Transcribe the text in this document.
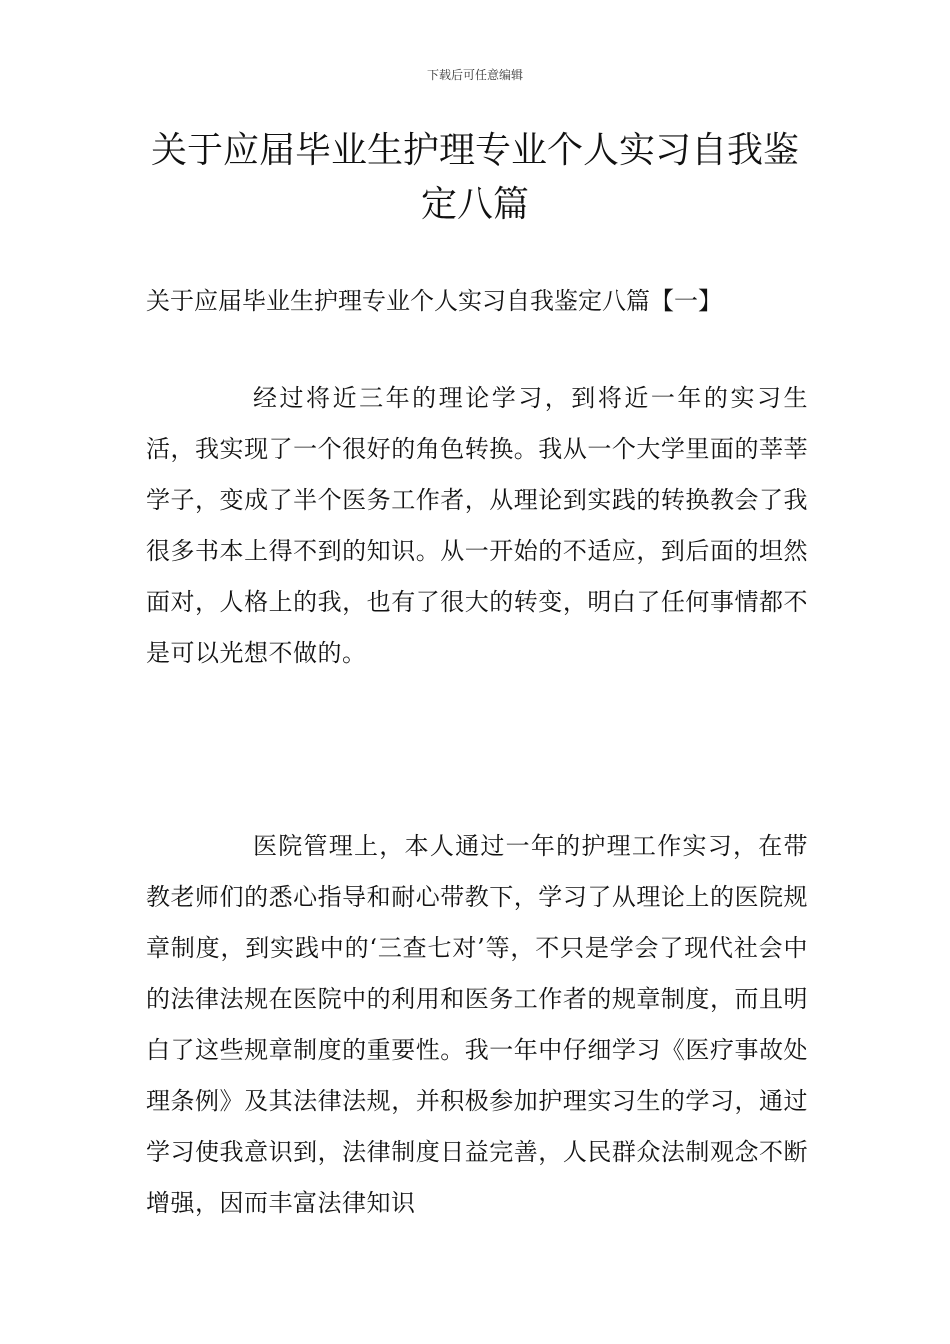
下载后可任意编辑
关于应届毕业生护理专业个人实习自我鉴定八篇
关于应届毕业生护理专业个人实习自我鉴定八篇【一】

经过将近三年的理论学习，到将近一年的实习生活，我实现了一个很好的角色转换。我从一个大学里面的莘莘学子，变成了半个医务工作者，从理论到实践的转换教会了我很多书本上得不到的知识。从一开始的不适应，到后面的坦然面对，人格上的我，也有了很大的转变，明白了任何事情都不是可以光想不做的。

医院管理上，本人通过一年的护理工作实习，在带教老师们的悉心指导和耐心带教下，学习了从理论上的医院规章制度，到实践中的‘三查七对’等，不只是学会了现代社会中的法律法规在医院中的利用和医务工作者的规章制度，而且明白了这些规章制度的重要性。我一年中仔细学习《医疗事故处理条例》及其法律法规，并积极参加护理实习生的学习，通过学习使我意识到，法律制度日益完善，人民群众法制观念不断增强，因而丰富法律知识
